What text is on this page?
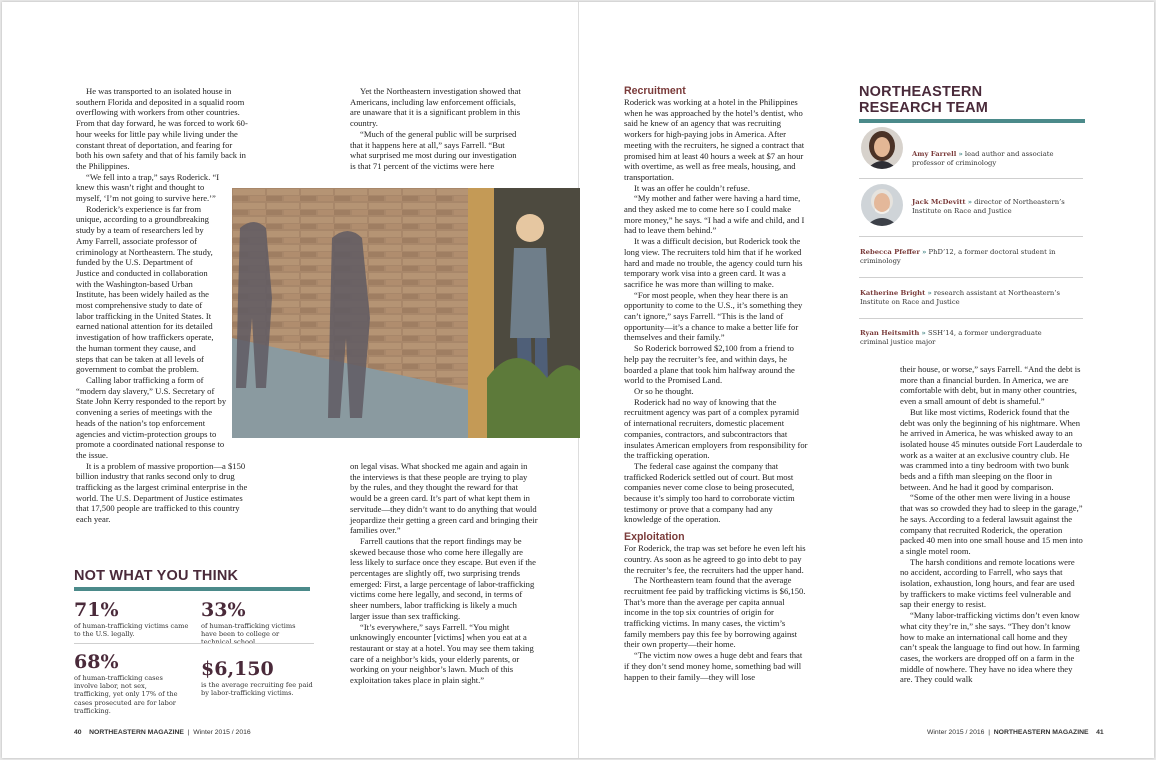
He was transported to an isolated house in southern Florida and deposited in a squalid room overflowing with workers from other countries. From that day forward, he was forced to work 60-hour weeks for little pay while living under the constant threat of deportation, and fearing for both his own safety and that of his family back in the Philippines.

“We fell into a trap,” says Roderick. “I knew this wasn’t right and thought to myself, ‘I’m not going to survive here.’”

Roderick’s experience is far from unique, according to a groundbreaking study by a team of researchers led by Amy Farrell, associate professor of criminology at Northeastern. The study, funded by the U.S. Department of Justice and conducted in collaboration with the Washington-based Urban Institute, has been widely hailed as the most comprehensive study to date of labor trafficking in the United States. It earned national attention for its detailed investigation of how traffickers operate, the human torment they cause, and steps that can be taken at all levels of government to combat the problem.

Calling labor trafficking a form of “modern day slavery,” U.S. Secretary of State John Kerry responded to the report by convening a series of meetings with the heads of the nation’s top enforcement agencies and victim-protection groups to promote a coordinated national response to the issue.

It is a problem of massive proportion—a $150 billion industry that ranks second only to drug trafficking as the largest criminal enterprise in the world. The U.S. Department of Justice estimates that 17,500 people are trafficked to this country each year.

Yet the Northeastern investigation showed that Americans, including law enforcement officials, are unaware that it is a significant problem in this country.

“Much of the general public will be surprised that it happens here at all,” says Farrell. “But what surprised me most during our investigation is that 71 percent of the victims were here

on legal visas. What shocked me again and again in the interviews is that these people are trying to play by the rules, and they thought the reward for that would be a green card. It’s part of what kept them in servitude—they didn’t want to do anything that would jeopardize their getting a green card and bringing their families over.”

Farrell cautions that the report findings may be skewed because those who come here illegally are less likely to surface once they escape. But even if the percentages are slightly off, two surprising trends emerged: First, a large percentage of labor-trafficking victims come here legally, and second, in terms of sheer numbers, labor trafficking is likely a much larger issue than sex trafficking.

“It’s everywhere,” says Farrell. “You might unknowingly encounter [victims] when you eat at a restaurant or stay at a hotel. You may see them taking care of a neighbor’s kids, your elderly parents, or working on your neighbor’s lawn. Much of this exploitation takes place in plain sight.”

NOT WHAT YOU THINK
71%
of human-trafficking victims came to the U.S. legally.
33%
of human-trafficking victims have been to college or
68%
of human-trafficking cases involve labor, not sex, trafficking, yet only 17% of the cases prosecuted are for labor trafficking.
$6,150
is the average recruiting fee paid by labor-trafficking victims.
Recruitment

Roderick was working at a hotel in the Philippines when he was approached by the hotel’s dentist, who said he knew of an agency that was recruiting workers for high-paying jobs in America. After meeting with the recruiters, he signed a contract that promised him at least 40 hours a week at $7 an hour with overtime, as well as free meals, housing, and transportation.

It was an offer he couldn’t refuse.

“My mother and father were having a hard time, and they asked me to come here so I could make more money,” he says. “I had a wife and child, and I had to leave them behind.”

It was a difficult decision, but Roderick took the long view. The recruiters told him that if he worked hard and made no trouble, the agency could turn his temporary work visa into a green card. It was a sacrifice he was more than willing to make.

“For most people, when they hear there is an opportunity to come to the U.S., it’s something they can’t ignore,” says Farrell. “This is the land of opportunity—it’s a chance to make a better life for themselves and their family.”

So Roderick borrowed $2,100 from a friend to help pay the recruiter’s fee, and within days, he boarded a plane that took him halfway around the world to the Promised Land.

Or so he thought.

Roderick had no way of knowing that the recruitment agency was part of a complex pyramid of international recruiters, domestic placement companies, contractors, and subcontractors that insulates American employers from responsibility for the trafficking operation.

The federal case against the company that trafficked Roderick settled out of court. But most companies never come close to being prosecuted, because it’s simply too hard to corroborate victim testimony or prove that a company had any knowledge of the operation.

Exploitation

For Roderick, the trap was set before he even left his country. As soon as he agreed to go into debt to pay the recruiter’s fee, the recruiters had the upper hand.

The Northeastern team found that the average recruitment fee paid by trafficking victims is $6,150. That’s more than the average per capita annual income in the top six countries of origin for trafficking victims. In many cases, the victim’s family members pay this fee by borrowing against their own property—their home.

“The victim now owes a huge debt and fears that if they don’t send money home, something bad will happen to their family—they will lose

NORTHEASTERN
RESEARCH TEAM
Amy Farrell » lead author and associate professor of criminology
Jack McDevitt » director of Northeastern’s Institute on Race and Justice
Rebecca Pfeffer » PhD’12, a former doctoral student in criminology
Katherine Bright » research assistant at Northeastern’s Institute on Race and Justice
Ryan Heitsmith » SSH’14, a former undergraduate criminal justice major

their house, or worse,” says Farrell. “And the debt is more than a financial burden. In America, we are comfortable with debt, but in many other countries, even a small amount of debt is shameful.”

But like most victims, Roderick found that the debt was only the beginning of his nightmare. When he arrived in America, he was whisked away to an isolated house 45 minutes outside Fort Lauderdale to work as a waiter at an exclusive country club. He was crammed into a tiny bedroom with two bunk beds and a fifth man sleeping on the floor in between. And he had it good by comparison.

“Some of the other men were living in a house that was so crowded they had to sleep in the garage,” he says. According to a federal lawsuit against the company that recruited Roderick, the operation packed 40 men into one small house and 15 men into a single motel room.

The harsh conditions and remote locations were no accident, according to Farrell, who says that isolation, exhaustion, long hours, and fear are used by traffickers to make victims feel vulnerable and sap their energy to resist.

“Many labor-trafficking victims don’t even know what city they’re in,” she says. “They don’t know how to make an international call home and they can’t speak the language to find out how. In farming cases, the workers are dropped off on a farm in the middle of nowhere. They have no idea where they are. They could walk

40 NORTHEASTERN MAGAZINE | Winter 2015 / 2016	Winter 2015 / 2016 | NORTHEASTERN MAGAZINE 41
